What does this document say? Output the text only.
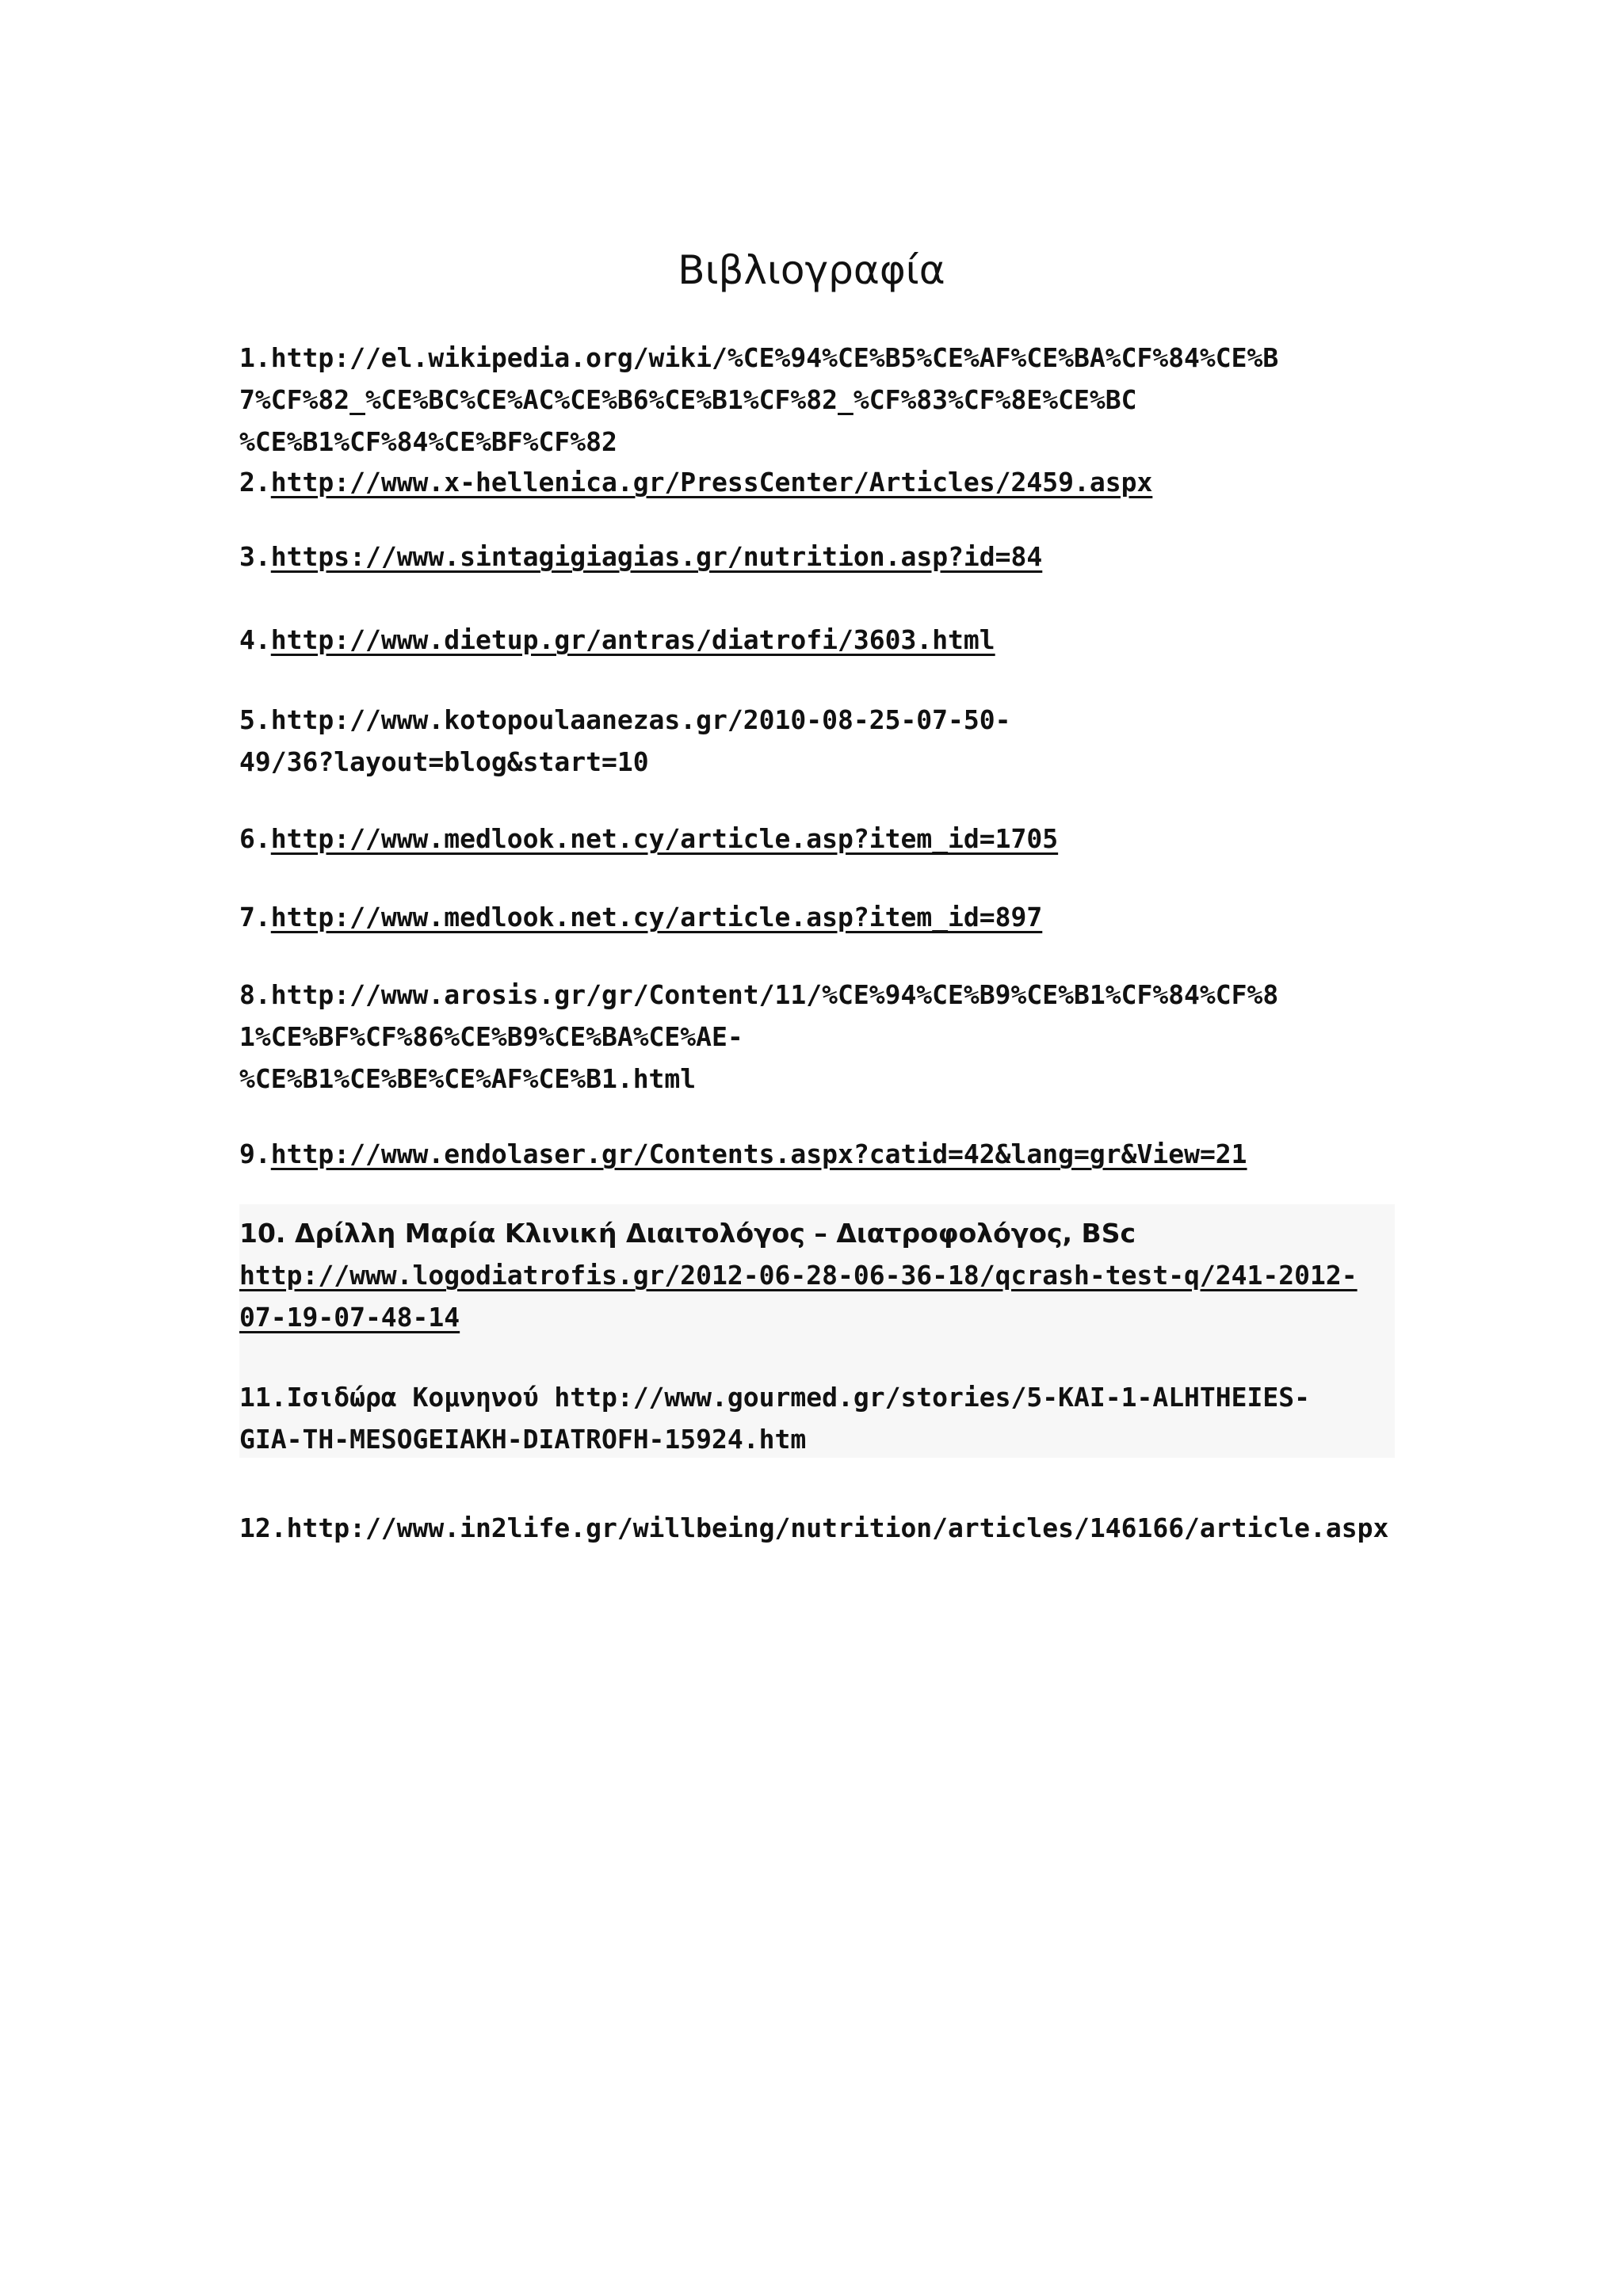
Βιβλιογραφία
1.http://el.wikipedia.org/wiki/%CE%94%CE%B5%CE%AF%CE%BA%CF%84%CE%B
7%CF%82_%CE%BC%CE%AC%CE%B6%CE%B1%CF%82_%CF%83%CF%8E%CE%BC
%CE%B1%CF%84%CE%BF%CF%82
2.http://www.x-hellenica.gr/PressCenter/Articles/2459.aspx
3.https://www.sintagigiagias.gr/nutrition.asp?id=84
4.http://www.dietup.gr/antras/diatrofi/3603.html
5.http://www.kotopoulaanezas.gr/2010-08-25-07-50-
49/36?layout=blog&start=10
6.http://www.medlook.net.cy/article.asp?item_id=1705
7.http://www.medlook.net.cy/article.asp?item_id=897
8.http://www.arosis.gr/gr/Content/11/%CE%94%CE%B9%CE%B1%CF%84%CF%8
1%CE%BF%CF%86%CE%B9%CE%BA%CE%AE-
%CE%B1%CE%BE%CE%AF%CE%B1.html
9.http://www.endolaser.gr/Contents.aspx?catid=42&lang=gr&View=21
10. Δρίλλη Μαρία Κλινική Διαιτολόγος – Διατροφολόγος, BSc
http://www.logodiatrofis.gr/2012-06-28-06-36-18/qcrash-test-q/241-2012-
07-19-07-48-14
11.Ισιδώρα Κομνηνού http://www.gourmed.gr/stories/5-KAI-1-ALHTHEIES-
GIA-TH-MESOGEIAKH-DIATROFH-15924.htm
12.http://www.in2life.gr/willbeing/nutrition/articles/146166/article.aspx
